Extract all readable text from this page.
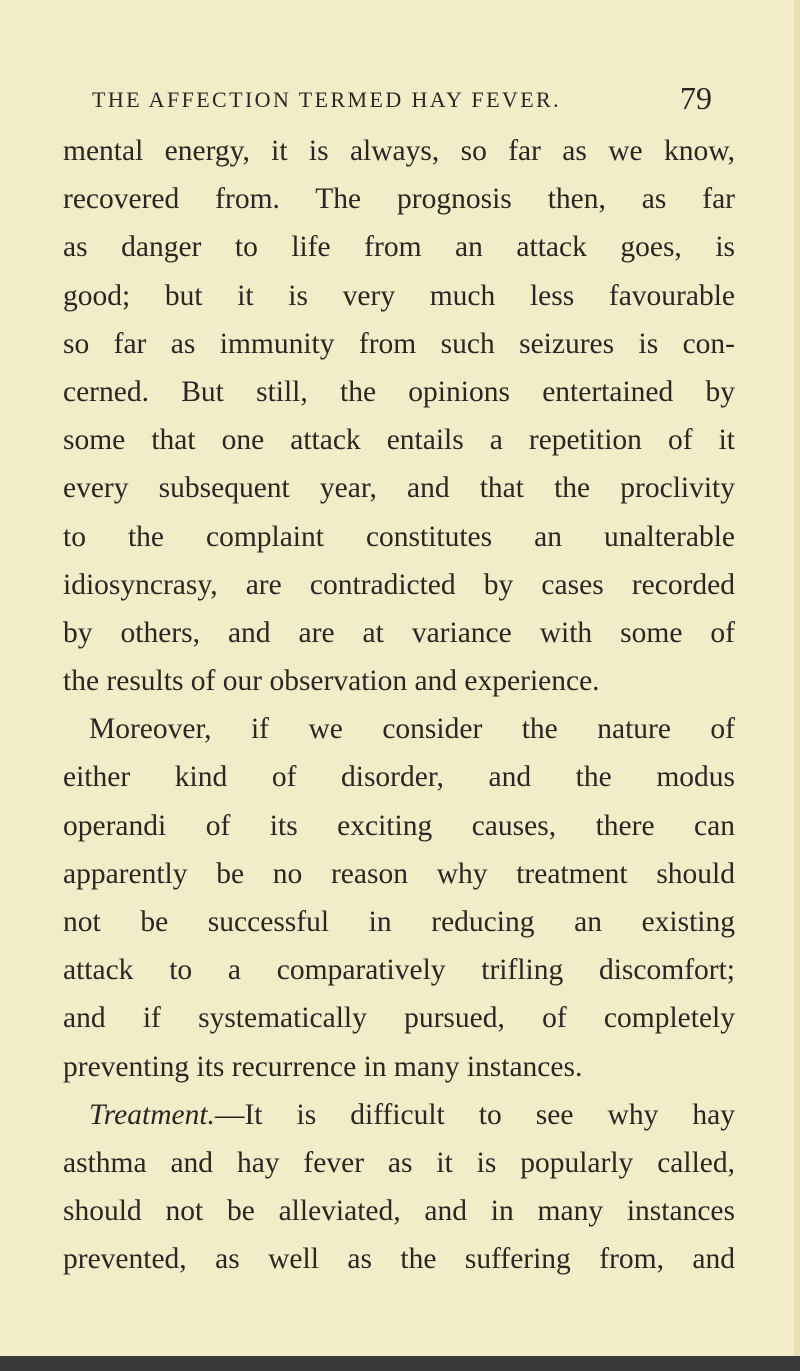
THE AFFECTION TERMED HAY FEVER.	79
mental energy, it is always, so far as we know,
recovered from. The prognosis then, as far
as danger to life from an attack goes, is
good; but it is very much less favourable
so far as immunity from such seizures is con-
cerned. But still, the opinions entertained by
some that one attack entails a repetition of it
every subsequent year, and that the proclivity
to the complaint constitutes an unalterable
idiosyncrasy, are contradicted by cases recorded
by others, and are at variance with some of
the results of our observation and experience.
Moreover, if we consider the nature of
either kind of disorder, and the modus
operandi of its exciting causes, there can
apparently be no reason why treatment should
not be successful in reducing an existing
attack to a comparatively trifling discomfort;
and if systematically pursued, of completely
preventing its recurrence in many instances.
Treatment.—It is difficult to see why hay
asthma and hay fever as it is popularly called,
should not be alleviated, and in many instances
prevented, as well as the suffering from, and
